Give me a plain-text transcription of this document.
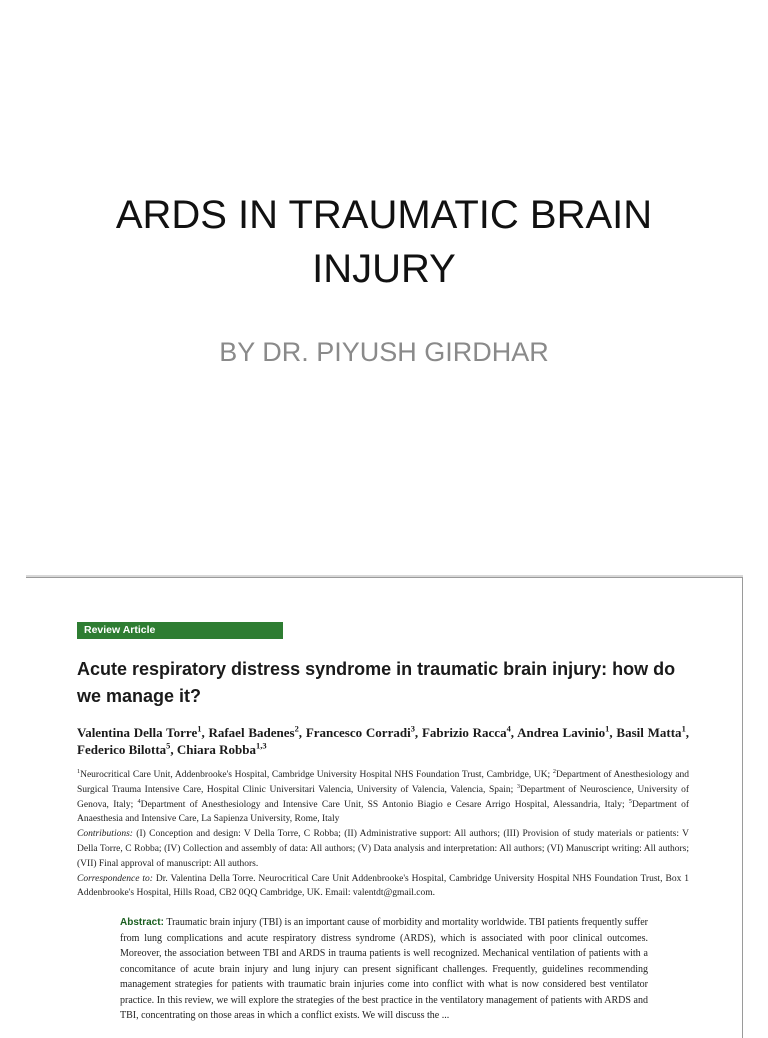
ARDS IN TRAUMATIC BRAIN INJURY
BY DR. PIYUSH GIRDHAR
Review Article
Acute respiratory distress syndrome in traumatic brain injury: how do we manage it?
Valentina Della Torre$^1$, Rafael Badenes$^2$, Francesco Corradi$^3$, Fabrizio Racca$^4$, Andrea Lavinio$^1$, Basil Matta$^1$, Federico Bilotta$^5$, Chiara Robba$^{1,3}$

$^1$Neurocritical Care Unit, Addenbrooke's Hospital, Cambridge University Hospital NHS Foundation Trust, Cambridge, UK; $^2$Department of Anesthesiology and Surgical Trauma Intensive Care, Hospital Clinic Universitari Valencia, University of Valencia, Valencia, Spain; $^3$Department of Neuroscience, University of Genova, Italy; $^4$Department of Anesthesiology and Intensive Care Unit, SS Antonio Biagio e Cesare Arrigo Hospital, Alessandria, Italy; $^5$Department of Anaesthesia and Intensive Care, La Sapienza University, Rome, Italy

Contributions: (I) Conception and design: V Della Torre, C Robba; (II) Administrative support: All authors; (III) Provision of study materials or patients: V Della Torre, C Robba; (IV) Collection and assembly of data: All authors; (V) Data analysis and interpretation: All authors; (VI) Manuscript writing: All authors; (VII) Final approval of manuscript: All authors.

Correspondence to: Dr. Valentina Della Torre. Neurocritical Care Unit Addenbrooke's Hospital, Cambridge University Hospital NHS Foundation Trust, Box 1 Addenbrooke's Hospital, Hills Road, CB2 0QQ Cambridge, UK. Email: valentdt@gmail.com.

Abstract: Traumatic brain injury (TBI) is an important cause of morbidity and mortality worldwide. TBI patients frequently suffer from lung complications and acute respiratory distress syndrome (ARDS), which is associated with poor clinical outcomes. Moreover, the association between TBI and ARDS in trauma patients is well recognized. Mechanical ventilation of patients with a concomitance of acute brain injury and lung injury can present significant challenges. Frequently, guidelines recommending management strategies for patients with traumatic brain injuries come into conflict with what is now considered best ventilator practice. In this review, we will explore the strategies of the best practice in the ventilatory management of patients with ARDS and TBI, concentrating on those areas in which a conflict exists. We will discuss the ...
